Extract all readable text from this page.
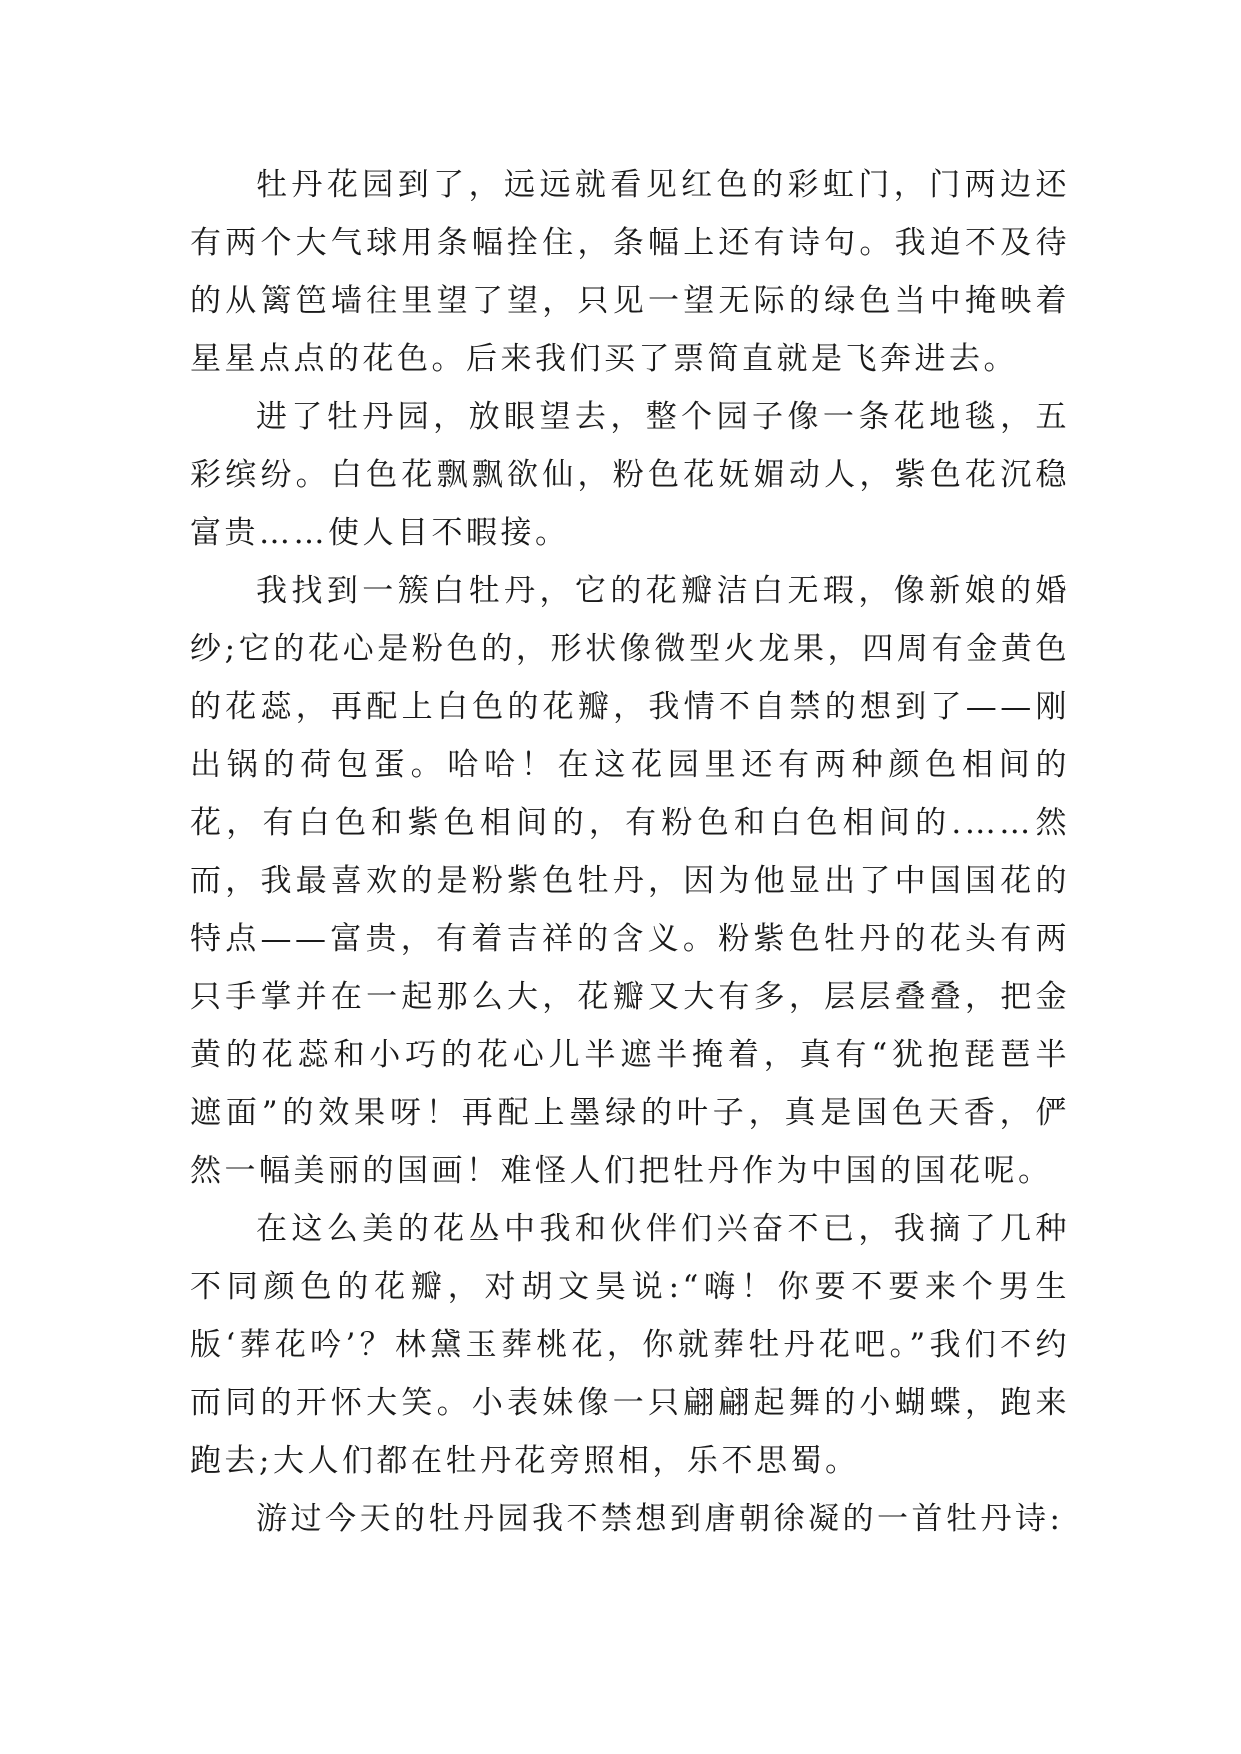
牡丹花园到了，远远就看见红色的彩虹门，门两边还有两个大气球用条幅拴住，条幅上还有诗句。我迫不及待的从篱笆墙往里望了望，只见一望无际的绿色当中掩映着星星点点的花色。后来我们买了票简直就是飞奔进去。

进了牡丹园，放眼望去，整个园子像一条花地毯，五彩缤纷。白色花飘飘欲仙，粉色花妩媚动人，紫色花沉稳富贵……使人目不暇接。

我找到一簇白牡丹，它的花瓣洁白无瑕，像新娘的婚纱;它的花心是粉色的，形状像微型火龙果，四周有金黄色的花蕊，再配上白色的花瓣，我情不自禁的想到了——刚出锅的荷包蛋。哈哈！在这花园里还有两种颜色相间的花，有白色和紫色相间的，有粉色和白色相间的.……然而，我最喜欢的是粉紫色牡丹，因为他显出了中国国花的特点——富贵，有着吉祥的含义。粉紫色牡丹的花头有两只手掌并在一起那么大，花瓣又大有多，层层叠叠，把金黄的花蕊和小巧的花心儿半遮半掩着，真有“犹抱琵琶半遮面”的效果呀！再配上墨绿的叶子，真是国色天香，俨然一幅美丽的国画！难怪人们把牡丹作为中国的国花呢。

在这么美的花丛中我和伙伴们兴奋不已，我摘了几种不同颜色的花瓣，对胡文昊说:“嗨！你要不要来个男生版‘葬花吟’？林黛玉葬桃花，你就葬牡丹花吧。”我们不约而同的开怀大笑。小表妹像一只翩翩起舞的小蝴蝶，跑来跑去;大人们都在牡丹花旁照相，乐不思蜀。

游过今天的牡丹园我不禁想到唐朝徐凝的一首牡丹诗:
